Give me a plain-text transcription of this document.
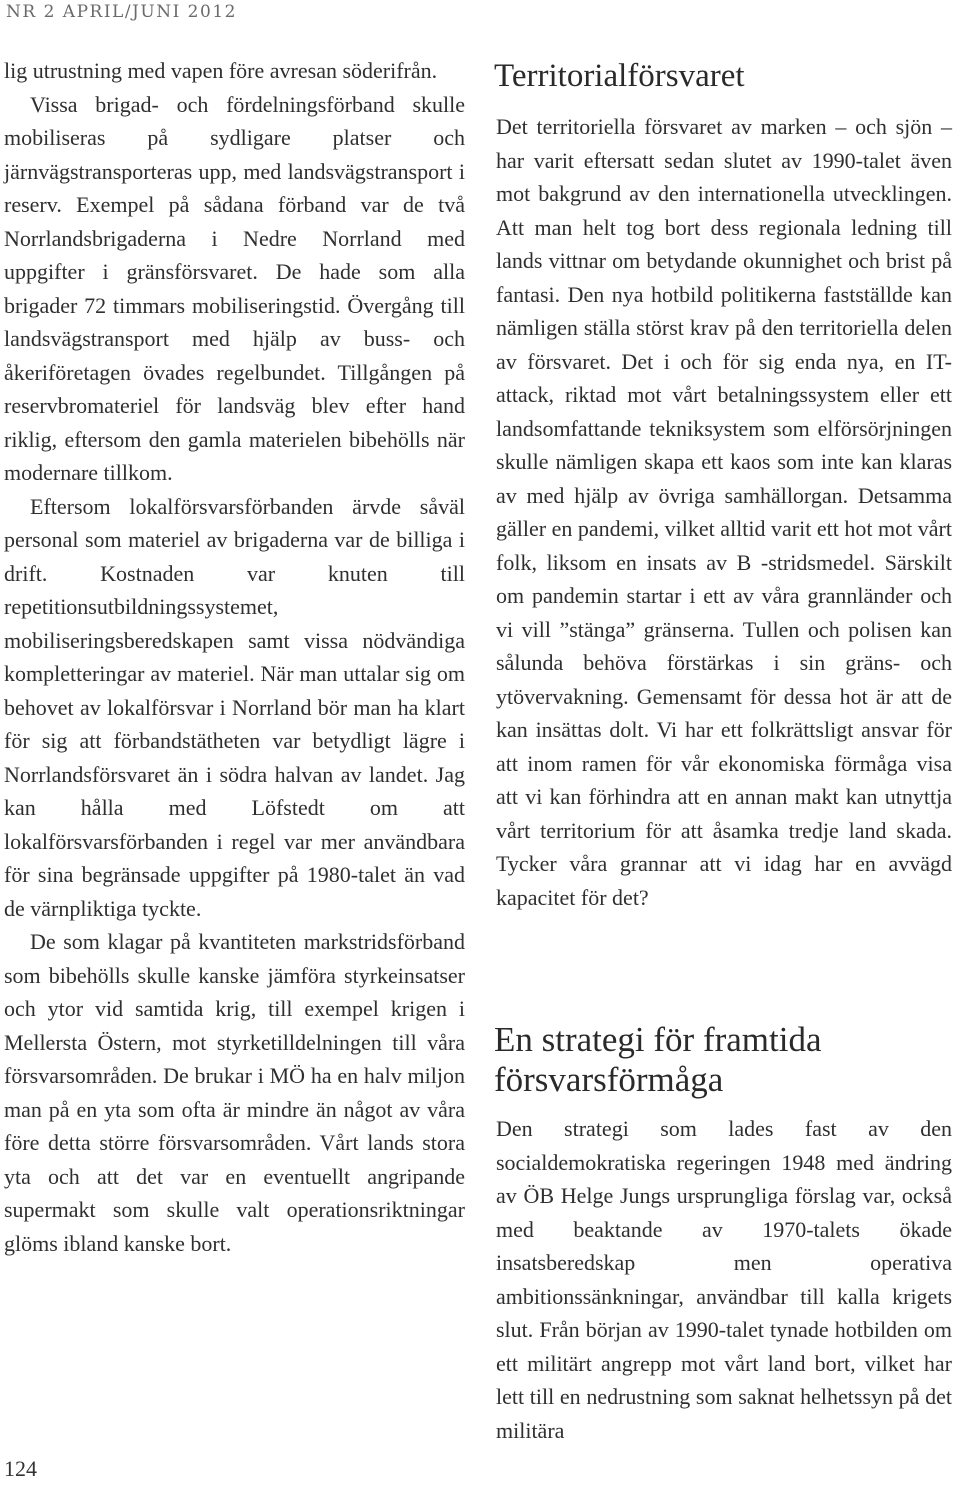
NR 2 APRIL/JUNI 2012

lig utrustning med vapen före avresan söderifrån.

Vissa brigad- och fördelningsförband skulle mobiliseras på sydligare platser och järnvägstransporteras upp, med landsvägstransport i reserv. Exempel på sådana förband var de två Norrlandsbrigaderna i Nedre Norrland med uppgifter i gränsförsvaret. De hade som alla brigader 72 timmars mobiliseringstid. Övergång till landsvägstransport med hjälp av buss- och åkeriföretagen övades regelbundet. Tillgången på reservbromateriel för landsväg blev efter hand riklig, eftersom den gamla materielen bibehölls när modernare tillkom.

Eftersom lokalförsvarsförbanden ärvde såväl personal som materiel av brigaderna var de billiga i drift. Kostnaden var knuten till repetitionsutbildningssystemet, mobiliseringsberedskapen samt vissa nödvändiga kompletteringar av materiel. När man uttalar sig om behovet av lokalförsvar i Norrland bör man ha klart för sig att förbandstätheten var betydligt lägre i Norrlandsförsvaret än i södra halvan av landet. Jag kan hålla med Löfstedt om att lokalförsvarsförbanden i regel var mer användbara för sina begränsade uppgifter på 1980-talet än vad de värnpliktiga tyckte.

De som klagar på kvantiteten markstridsförband som bibehölls skulle kanske jämföra styrkeinsatser och ytor vid samtida krig, till exempel krigen i Mellersta Östern, mot styrketilldelningen till våra försvarsområden. De brukar i MÖ ha en halv miljon man på en yta som ofta är mindre än något av våra före detta större försvarsområden. Vårt lands stora yta och att det var en eventuellt angripande supermakt som skulle valt operationsriktningar glöms ibland kanske bort.

Territorialförsvaret

Det territoriella försvaret av marken – och sjön – har varit eftersatt sedan slutet av 1990-talet även mot bakgrund av den internationella utvecklingen. Att man helt tog bort dess regionala ledning till lands vittnar om betydande okunnighet och brist på fantasi. Den nya hotbild politikerna fastställde kan nämligen ställa störst krav på den territoriella delen av försvaret. Det i och för sig enda nya, en IT-attack, riktad mot vårt betalningssystem eller ett landsomfattande tekniksystem som elförsörjningen skulle nämligen skapa ett kaos som inte kan klaras av med hjälp av övriga samhällorgan. Detsamma gäller en pandemi, vilket alltid varit ett hot mot vårt folk, liksom en insats av B -stridsmedel. Särskilt om pandemin startar i ett av våra grannländer och vi vill ”stänga” gränserna. Tullen och polisen kan sålunda behöva förstärkas i sin gräns- och ytövervakning. Gemensamt för dessa hot är att de kan insättas dolt. Vi har ett folkrättsligt ansvar för att inom ramen för vår ekonomiska förmåga visa att vi kan förhindra att en annan makt kan utnyttja vårt territorium för att åsamka tredje land skada. Tycker våra grannar att vi idag har en avvägd kapacitet för det?

En strategi för framtida försvarsförmåga

Den strategi som lades fast av den socialdemokratiska regeringen 1948 med ändring av ÖB Helge Jungs ursprungliga förslag var, också med beaktande av 1970-talets ökade insatsberedskap men operativa ambitionssänkningar, användbar till kalla krigets slut. Från början av 1990-talet tynade hotbilden om ett militärt angrepp mot vårt land bort, vilket har lett till en nedrustning som saknat helhetssyn på det militära

124
